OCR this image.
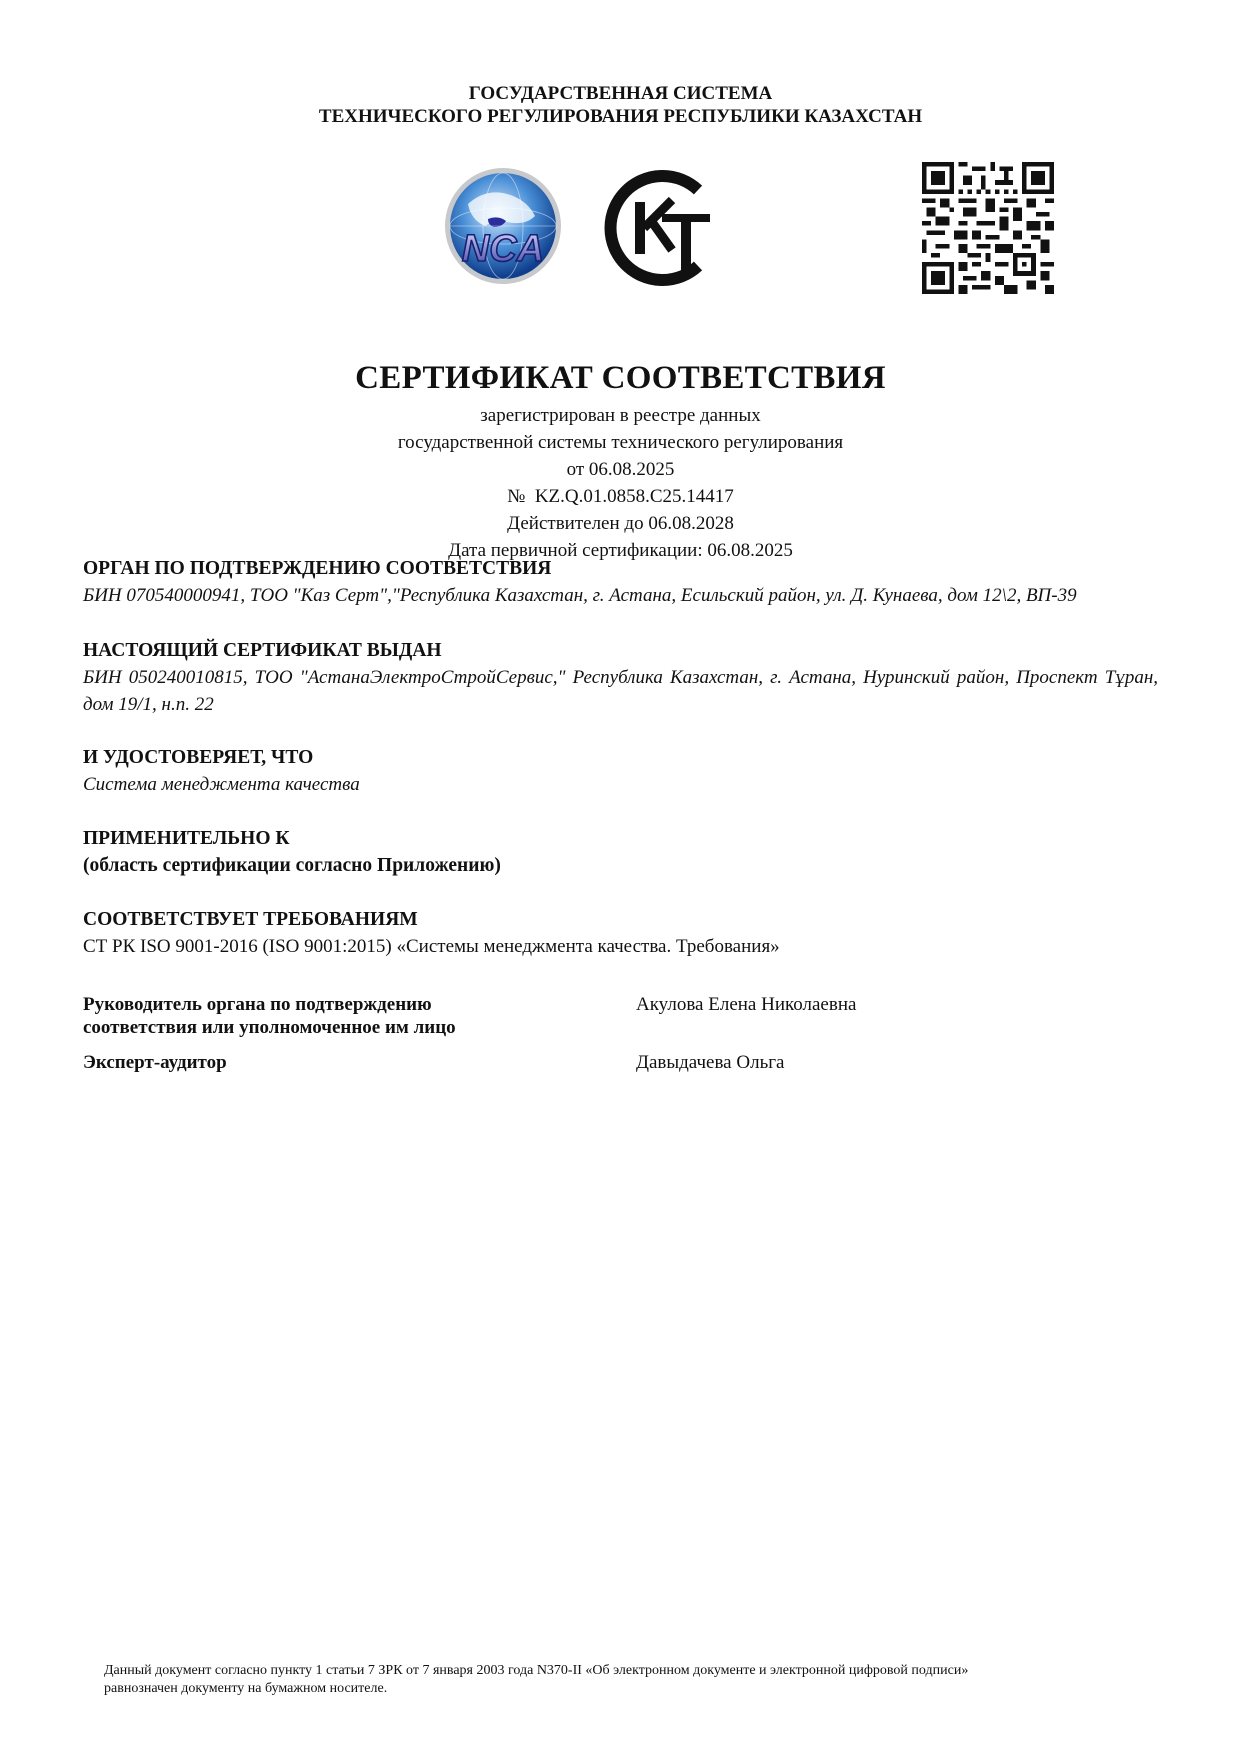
ГОСУДАРСТВЕННАЯ СИСТЕМА
ТЕХНИЧЕСКОГО РЕГУЛИРОВАНИЯ РЕСПУБЛИКИ КАЗАХСТАН
NCA
СЕРТИФИКАТ СООТВЕТСТВИЯ
зарегистрирован в реестре данных
государственной системы технического регулирования
от 06.08.2025
№  KZ.Q.01.0858.C25.14417
Действителен до 06.08.2028
Дата первичной сертификации: 06.08.2025
ОРГАН ПО ПОДТВЕРЖДЕНИЮ СООТВЕТСТВИЯ
БИН 070540000941, ТОО "Каз Серт","Республика Казахстан, г. Астана, Есильский район, ул. Д. Кунаева, дом 12\2, ВП-39
НАСТОЯЩИЙ СЕРТИФИКАТ ВЫДАН
БИН 050240010815, ТОО "АстанаЭлектроСтройСервис," Республика Казахстан, г. Астана, Нуринский район, Проспект Тұран, дом 19/1, н.п. 22
И УДОСТОВЕРЯЕТ, ЧТО
Система менеджмента качества
ПРИМЕНИТЕЛЬНО К
(область сертификации согласно Приложению)
СООТВЕТСТВУЕТ ТРЕБОВАНИЯМ
СТ РК ISO 9001-2016 (ISO 9001:2015) «Системы менеджмента качества. Требования»
Руководитель органа по подтверждению
соответствия или уполномоченное им лицо
Акулова Елена Николаевна
Эксперт-аудитор	Давыдачева Ольга
Данный документ согласно пункту 1 статьи 7 ЗРК от 7 января 2003 года N370-II «Об электронном документе и электронной цифровой подписи»
равнозначен документу на бумажном носителе.
